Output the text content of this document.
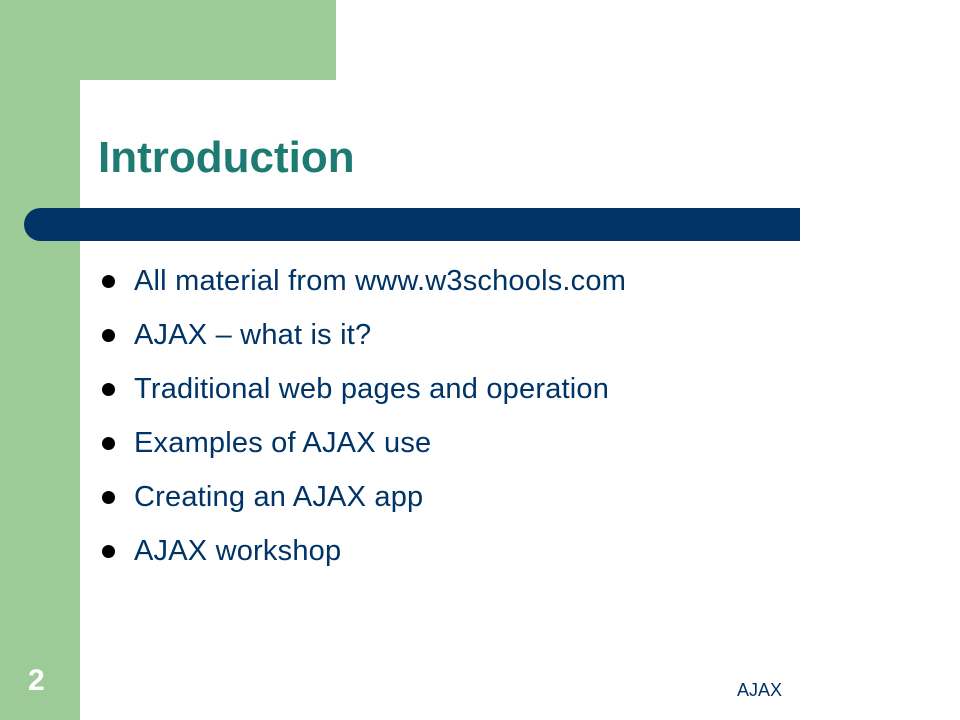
Introduction
All material from www.w3schools.com
AJAX – what is it?
Traditional web pages and operation
Examples of AJAX use
Creating an AJAX app
AJAX workshop
2	AJAX
